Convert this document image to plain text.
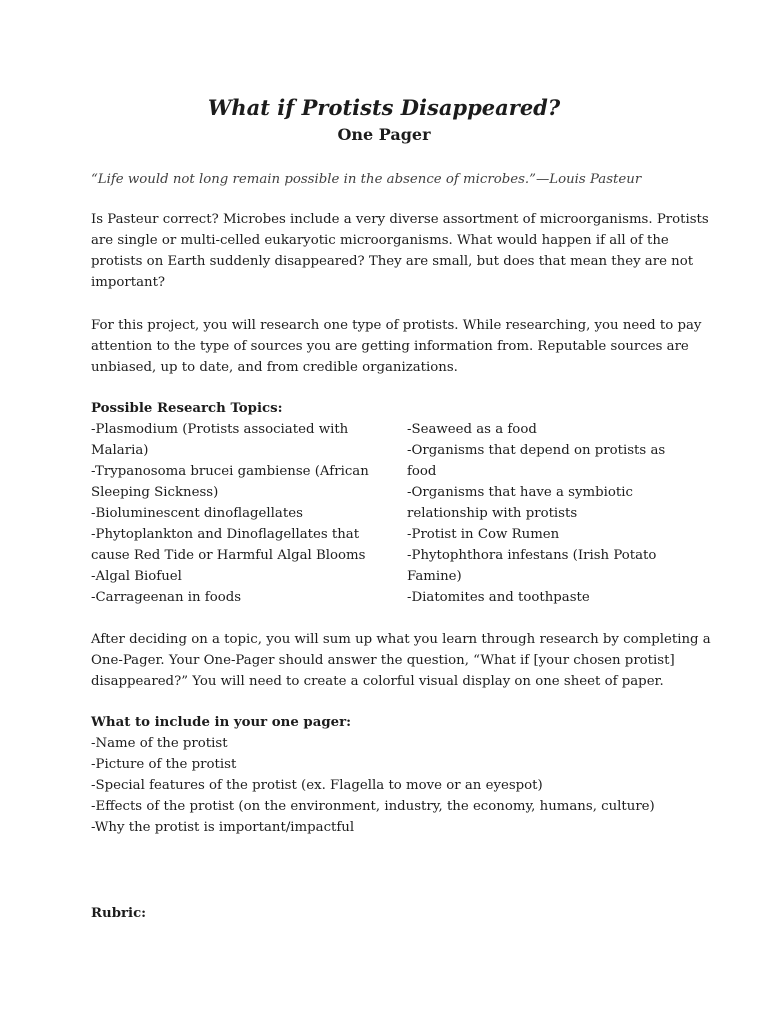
What if Protists Disappeared?
One Pager
“Life would not long remain possible in the absence of microbes.”—Louis Pasteur
Is Pasteur correct? Microbes include a very diverse assortment of microorganisms. Protists
are single or multi-celled eukaryotic microorganisms. What would happen if all of the
protists on Earth suddenly disappeared? They are small, but does that mean they are not
important?
For this project, you will research one type of protists. While researching, you need to pay
attention to the type of sources you are getting information from. Reputable sources are
unbiased, up to date, and from credible organizations.
Possible Research Topics:
-Plasmodium (Protists associated with
Malaria)
-Trypanosoma brucei gambiense (African
Sleeping Sickness)
-Bioluminescent dinoflagellates
-Phytoplankton and Dinoflagellates that
cause Red Tide or Harmful Algal Blooms
-Algal Biofuel
-Carrageenan in foods
-Seaweed as a food
-Organisms that depend on protists as
food
-Organisms that have a symbiotic
relationship with protists
-Protist in Cow Rumen
-Phytophthora infestans (Irish Potato
Famine)
-Diatomites and toothpaste
After deciding on a topic, you will sum up what you learn through research by completing a
One-Pager. Your One-Pager should answer the question, “What if [your chosen protist]
disappeared?” You will need to create a colorful visual display on one sheet of paper.
What to include in your one pager:
-Name of the protist
-Picture of the protist
-Special features of the protist (ex. Flagella to move or an eyespot)
-Effects of the protist (on the environment, industry, the economy, humans, culture)
-Why the protist is important/impactful
Rubric:
